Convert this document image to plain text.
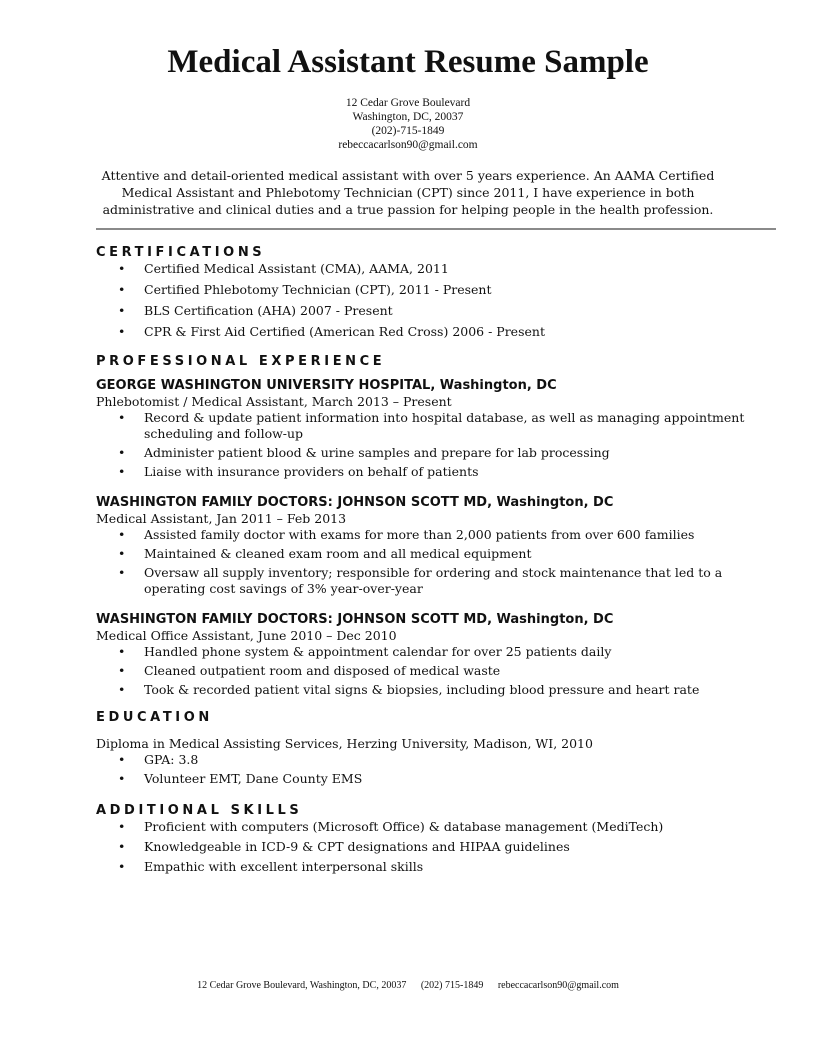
Medical Assistant Resume Sample
12 Cedar Grove Boulevard
Washington, DC, 20037
(202)-715-1849
rebeccacarlson90@gmail.com
Attentive and detail-oriented medical assistant with over 5 years experience. An AAMA Certified Medical Assistant and Phlebotomy Technician (CPT) since 2011, I have experience in both administrative and clinical duties and a true passion for helping people in the health profession.
CERTIFICATIONS
• Certified Medical Assistant (CMA), AAMA, 2011
• Certified Phlebotomy Technician (CPT), 2011 - Present
• BLS Certification (AHA) 2007 - Present
• CPR & First Aid Certified (American Red Cross) 2006 - Present
PROFESSIONAL EXPERIENCE
GEORGE WASHINGTON UNIVERSITY HOSPITAL, Washington, DC
Phlebotomist / Medical Assistant, March 2013 – Present
• Record & update patient information into hospital database, as well as managing appointment scheduling and follow-up
• Administer patient blood & urine samples and prepare for lab processing
• Liaise with insurance providers on behalf of patients
WASHINGTON FAMILY DOCTORS: JOHNSON SCOTT MD, Washington, DC
Medical Assistant, Jan 2011 – Feb 2013
• Assisted family doctor with exams for more than 2,000 patients from over 600 families
• Maintained & cleaned exam room and all medical equipment
• Oversaw all supply inventory; responsible for ordering and stock maintenance that led to a operating cost savings of 3% year-over-year
WASHINGTON FAMILY DOCTORS: JOHNSON SCOTT MD, Washington, DC
Medical Office Assistant, June 2010 – Dec 2010
• Handled phone system & appointment calendar for over 25 patients daily
• Cleaned outpatient room and disposed of medical waste
• Took & recorded patient vital signs & biopsies, including blood pressure and heart rate
EDUCATION
Diploma in Medical Assisting Services, Herzing University, Madison, WI, 2010
• GPA: 3.8
• Volunteer EMT, Dane County EMS
ADDITIONAL SKILLS
• Proficient with computers (Microsoft Office) & database management (MediTech)
• Knowledgeable in ICD-9 & CPT designations and HIPAA guidelines
• Empathic with excellent interpersonal skills
12 Cedar Grove Boulevard, Washington, DC, 20037 (202) 715-1849 rebeccacarlson90@gmail.com
